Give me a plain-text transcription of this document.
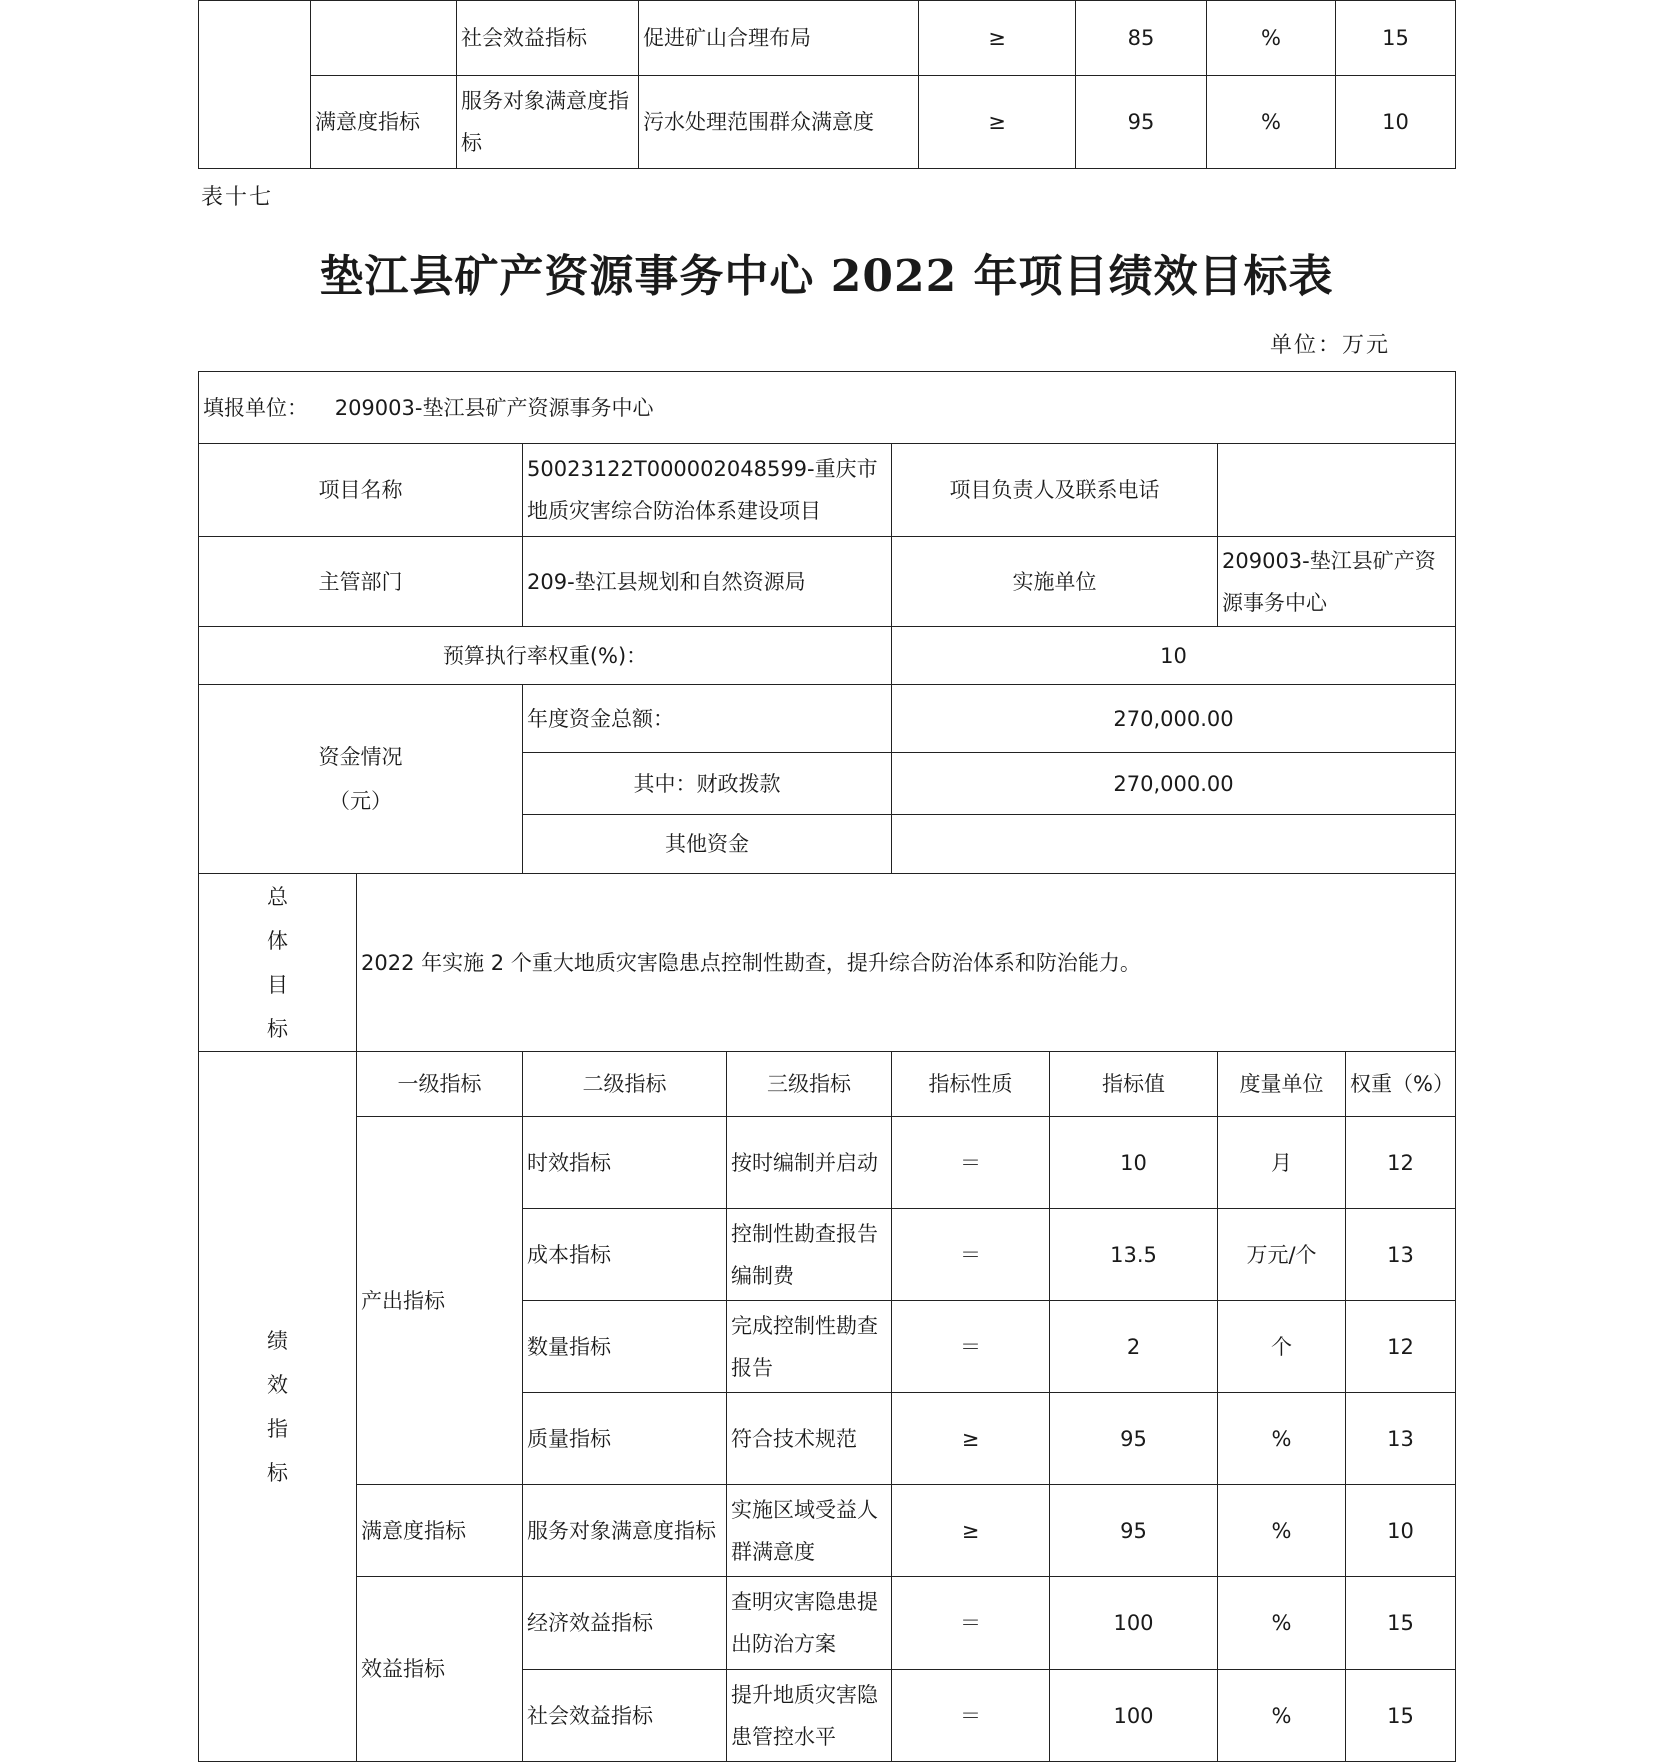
		社会效益指标	促进矿山合理布局	≥	85	%	15
	满意度指标	服务对象满意度指标	污水处理范围群众满意度	≥	95	%	10
表十七
垫江县矿产资源事务中心 2022 年项目绩效目标表
单位：万元
填报单位： 209003-垫江县矿产资源事务中心							
项目名称		50023122T000002048599-重庆市地质灾害综合防治体系建设项目		项目负责人及联系电话			
主管部门		209-垫江县规划和自然资源局		实施单位		209003-垫江县矿产资源事务中心	
预算执行率权重(%)：				10			
资金情况（元）		年度资金总额：		270,000.00			
		其中：财政拨款		270,000.00			
		其他资金					
总体目标	2022 年实施 2 个重大地质灾害隐患点控制性勘查，提升综合防治体系和防治能力。						
绩效指标	一级指标	二级指标	三级指标	指标性质	指标值	度量单位	权重（%）
	产出指标	时效指标	按时编制并启动	＝	10	月	12
		成本指标	控制性勘查报告编制费	＝	13.5	万元/个	13
		数量指标	完成控制性勘查报告	＝	2	个	12
		质量指标	符合技术规范	≥	95	%	13
	满意度指标	服务对象满意度指标	实施区域受益人群满意度	≥	95	%	10
	效益指标	经济效益指标	查明灾害隐患提出防治方案	＝	100	%	15
		社会效益指标	提升地质灾害隐患管控水平	＝	100	%	15
